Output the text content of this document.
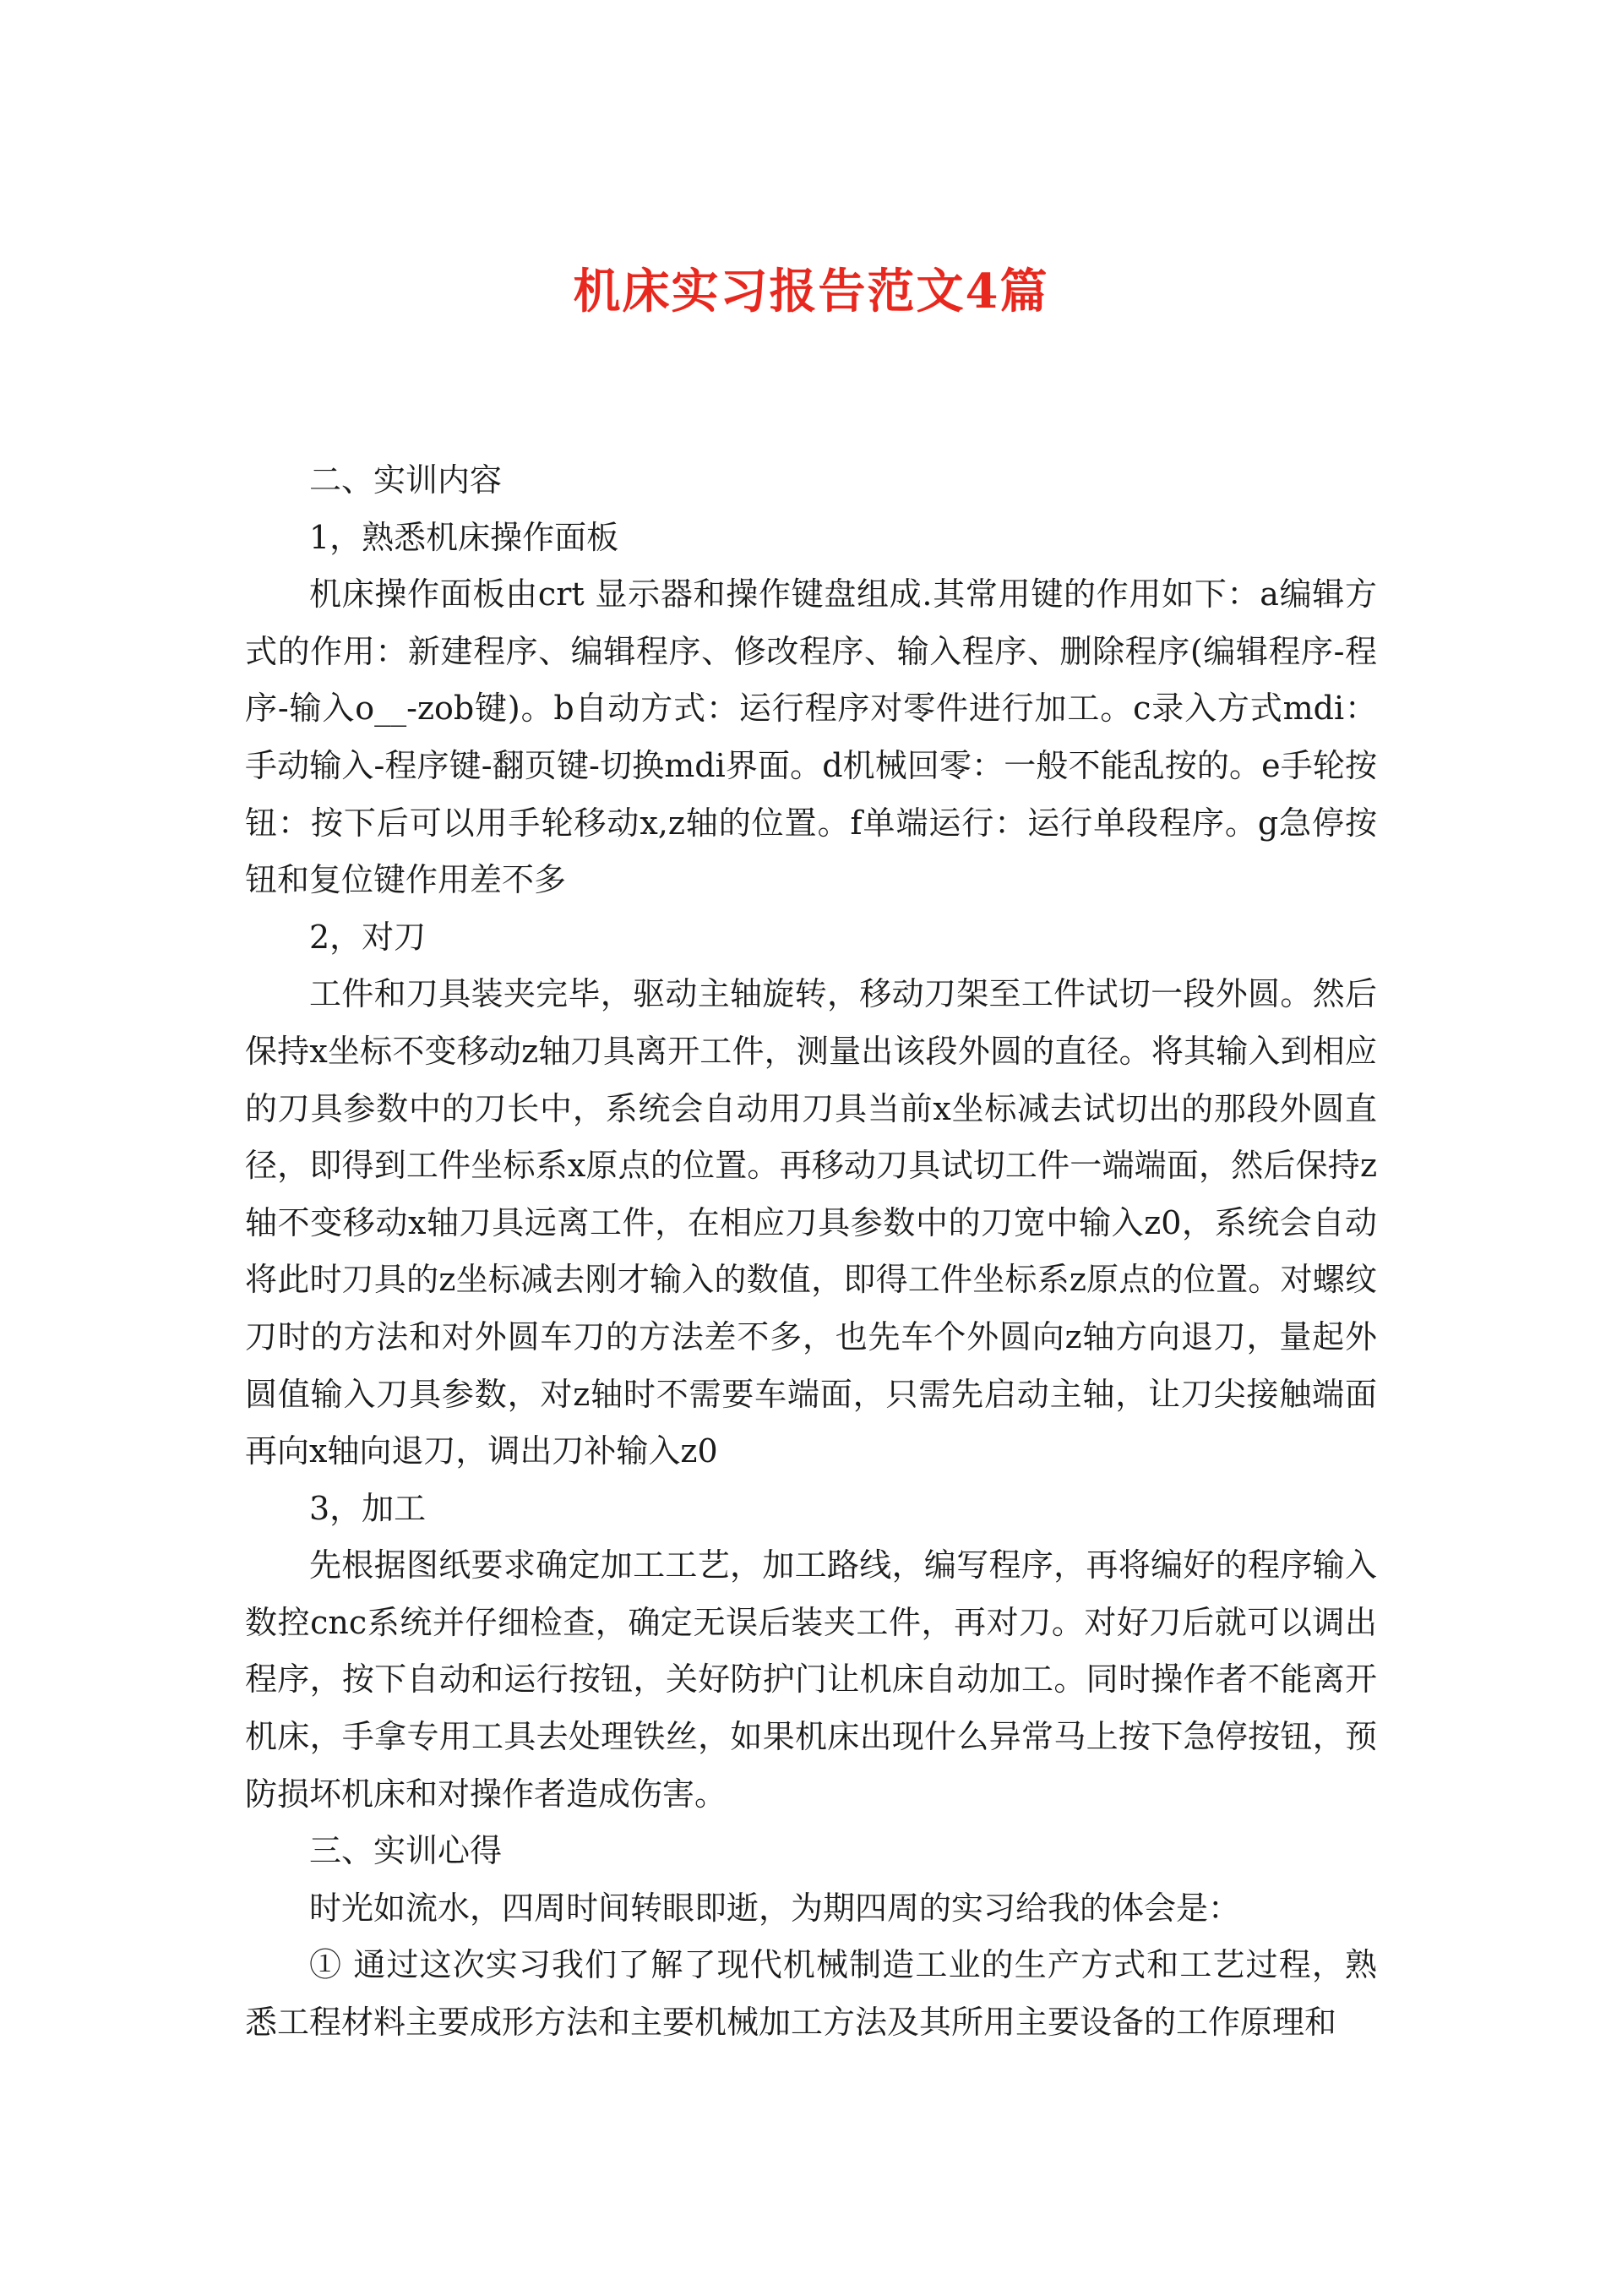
机床实习报告范文4篇

二、实训内容

1，熟悉机床操作面板

机床操作面板由crt 显示器和操作键盘组成.其常用键的作用如下：a编辑方式的作用：新建程序、编辑程序、修改程序、输入程序、删除程序(编辑程序-程序-输入o__-zob键)。b自动方式：运行程序对零件进行加工。c录入方式mdi：手动输入-程序键-翻页键-切换mdi界面。d机械回零：一般不能乱按的。e手轮按钮：按下后可以用手轮移动x,z轴的位置。f单端运行：运行单段程序。g急停按钮和复位键作用差不多

2，对刀

工件和刀具装夹完毕，驱动主轴旋转，移动刀架至工件试切一段外圆。然后保持x坐标不变移动z轴刀具离开工件，测量出该段外圆的直径。将其输入到相应的刀具参数中的刀长中，系统会自动用刀具当前x坐标减去试切出的那段外圆直径，即得到工件坐标系x原点的位置。再移动刀具试切工件一端端面，然后保持z轴不变移动x轴刀具远离工件，在相应刀具参数中的刀宽中输入z0，系统会自动将此时刀具的z坐标减去刚才输入的数值，即得工件坐标系z原点的位置。对螺纹刀时的方法和对外圆车刀的方法差不多，也先车个外圆向z轴方向退刀，量起外圆值输入刀具参数，对z轴时不需要车端面，只需先启动主轴，让刀尖接触端面再向x轴向退刀，调出刀补输入z0

3，加工

先根据图纸要求确定加工工艺，加工路线，编写程序，再将编好的程序输入数控cnc系统并仔细检查，确定无误后装夹工件，再对刀。对好刀后就可以调出程序，按下自动和运行按钮，关好防护门让机床自动加工。同时操作者不能离开机床，手拿专用工具去处理铁丝，如果机床出现什么异常马上按下急停按钮，预防损坏机床和对操作者造成伤害。

三、实训心得

时光如流水，四周时间转眼即逝，为期四周的实习给我的体会是：

① 通过这次实习我们了解了现代机械制造工业的生产方式和工艺过程，熟悉工程材料主要成形方法和主要机械加工方法及其所用主要设备的工作原理和
